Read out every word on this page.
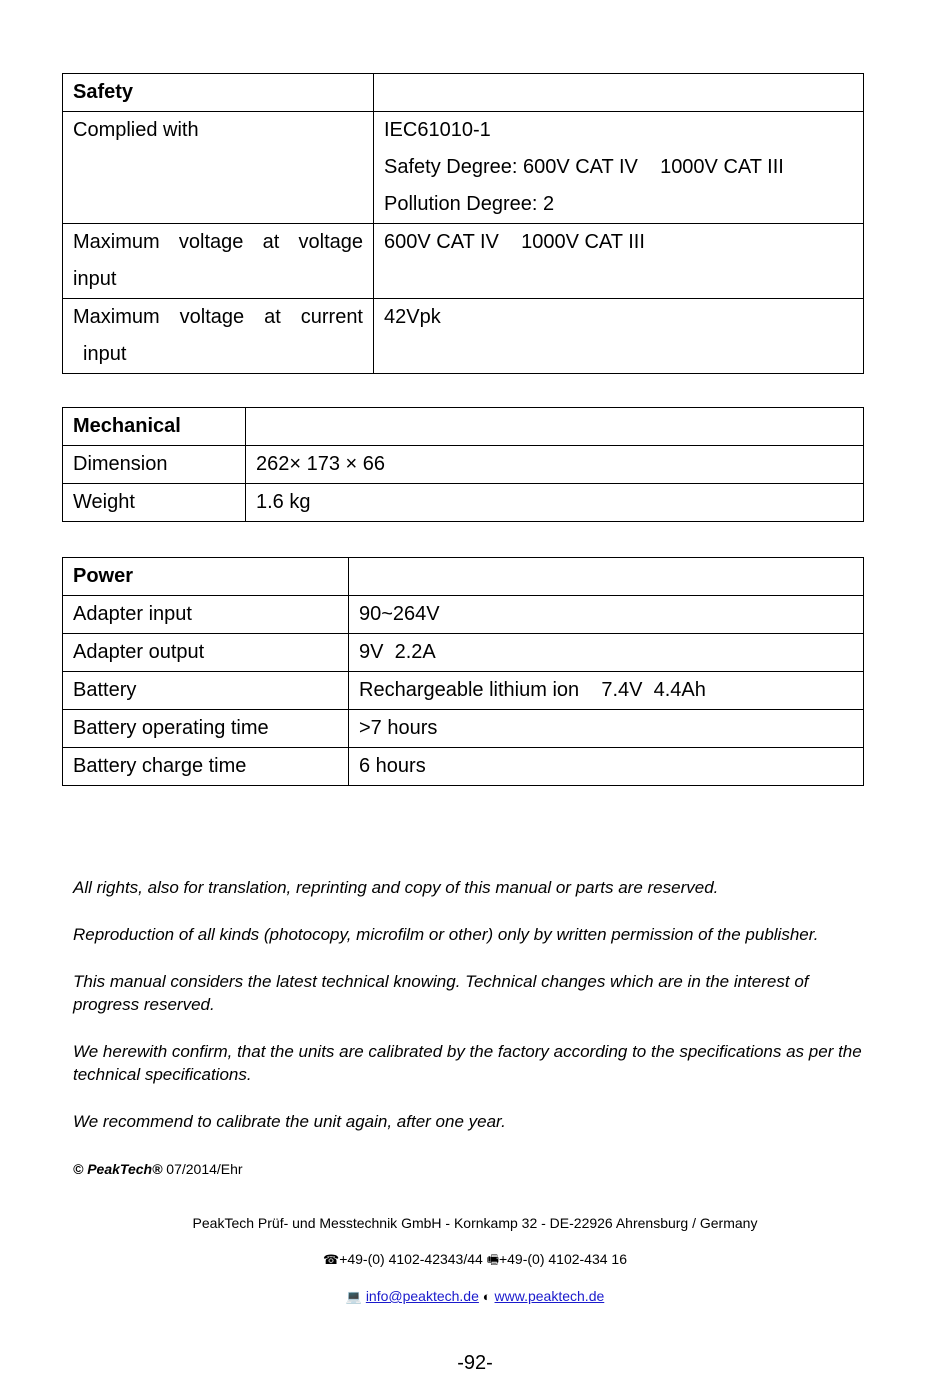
Safety	
Complied with	IEC61010-1
Safety Degree: 600V CAT IV    1000V CAT III
Pollution Degree: 2

Maximum voltage at voltage
input	600V CAT IV    1000V CAT III

Maximum voltage at current
input	42Vpk
Mechanical	
Dimension	262× 173 × 66
Weight	1.6 kg
Power	
Adapter input	90~264V
Adapter output	9V  2.2A
Battery	Rechargeable lithium ion    7.4V  4.4Ah
Battery operating time	>7 hours
Battery charge time	6 hours

All rights, also for translation, reprinting and copy of this manual or parts are reserved.

Reproduction of all kinds (photocopy, microfilm or other) only by written permission of the publisher.

This manual considers the latest technical knowing. Technical changes which are in the interest of progress reserved.

We herewith confirm, that the units are calibrated by the factory according to the specifications as per the technical specifications.

We recommend to calibrate the unit again, after one year.

© PeakTech® 07/2014/Ehr
PeakTech Prüf- und Messtechnik GmbH - Kornkamp 32 - DE-22926 Ahrensburg / Germany
☎+49-(0) 4102-42343/44 🖷+49-(0) 4102-434 16
💻 info@peaktech.de ◐ www.peaktech.de
-92-
